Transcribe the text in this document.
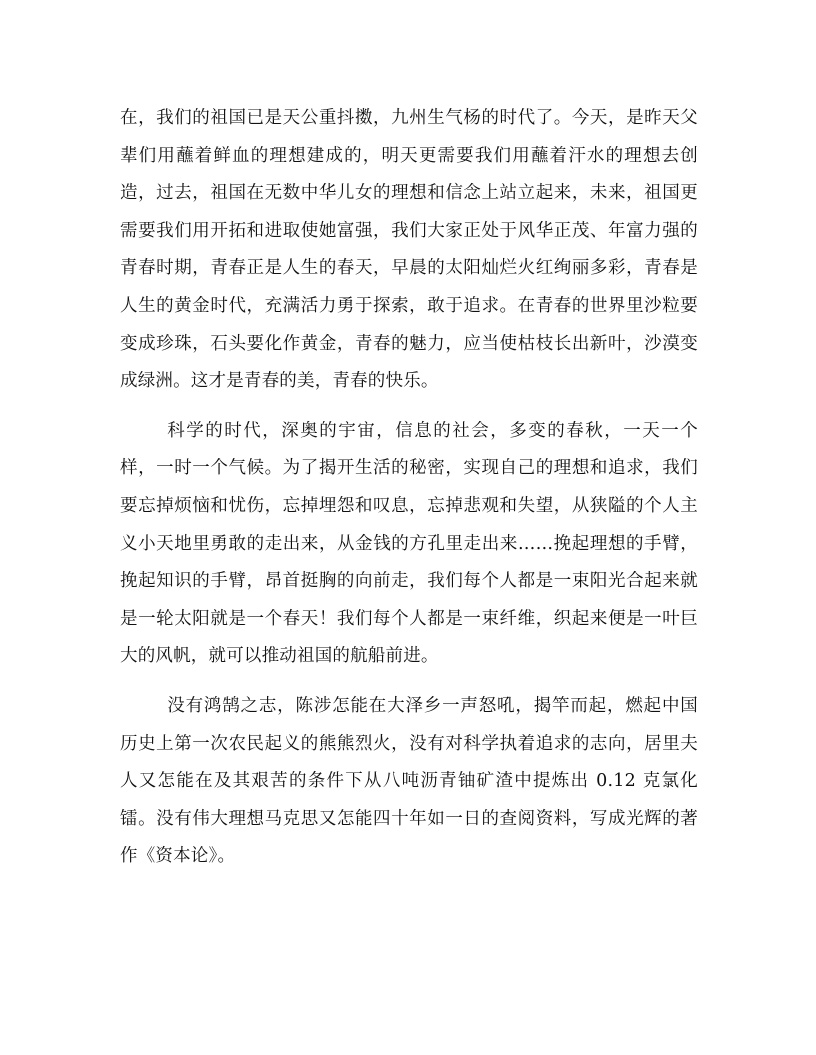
在，我们的祖国已是天公重抖擞，九州生气杨的时代了。今天，是昨天父辈们用蘸着鲜血的理想建成的，明天更需要我们用蘸着汗水的理想去创造，过去，祖国在无数中华儿女的理想和信念上站立起来，未来，祖国更需要我们用开拓和进取使她富强，我们大家正处于风华正茂、年富力强的青春时期，青春正是人生的春天，早晨的太阳灿烂火红绚丽多彩，青春是人生的黄金时代，充满活力勇于探索，敢于追求。在青春的世界里沙粒要变成珍珠，石头要化作黄金，青春的魅力，应当使枯枝长出新叶，沙漠变成绿洲。这才是青春的美，青春的快乐。

科学的时代，深奥的宇宙，信息的社会，多变的春秋，一天一个样，一时一个气候。为了揭开生活的秘密，实现自己的理想和追求，我们要忘掉烦恼和忧伤，忘掉埋怨和叹息，忘掉悲观和失望，从狭隘的个人主义小天地里勇敢的走出来，从金钱的方孔里走出来……挽起理想的手臂，挽起知识的手臂，昂首挺胸的向前走，我们每个人都是一束阳光合起来就是一轮太阳就是一个春天！我们每个人都是一束纤维，织起来便是一叶巨大的风帆，就可以推动祖国的航船前进。

没有鸿鹄之志，陈涉怎能在大泽乡一声怒吼，揭竿而起，燃起中国历史上第一次农民起义的熊熊烈火，没有对科学执着追求的志向，居里夫人又怎能在及其艰苦的条件下从八吨沥青铀矿渣中提炼出 0.12 克氯化镭。没有伟大理想马克思又怎能四十年如一日的查阅资料，写成光辉的著作《资本论》。
